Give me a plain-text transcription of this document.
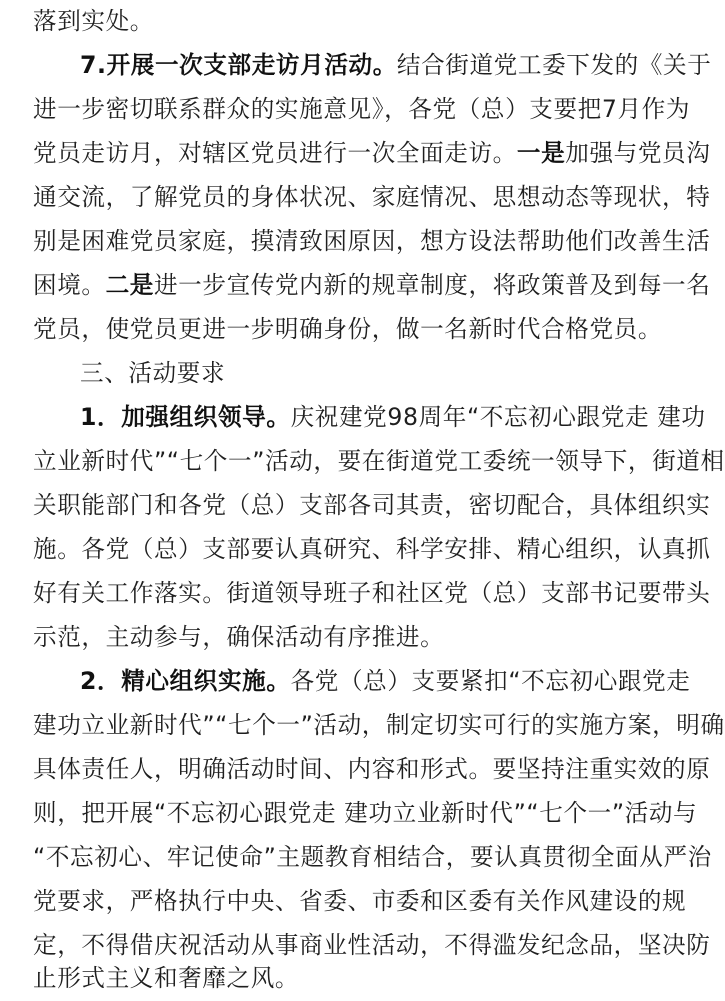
落到实处。
7.开展一次支部走访月活动。结合街道党工委下发的《关于
进一步密切联系群众的实施意见》，各党（总）支要把7月作为
党员走访月，对辖区党员进行一次全面走访。一是加强与党员沟
通交流，了解党员的身体状况、家庭情况、思想动态等现状，特
别是困难党员家庭，摸清致困原因，想方设法帮助他们改善生活
困境。二是进一步宣传党内新的规章制度，将政策普及到每一名
党员，使党员更进一步明确身份，做一名新时代合格党员。
三、活动要求
1．加强组织领导。庆祝建党98周年“不忘初心跟党走 建功
立业新时代”“七个一”活动，要在街道党工委统一领导下，街道相
关职能部门和各党（总）支部各司其责，密切配合，具体组织实
施。各党（总）支部要认真研究、科学安排、精心组织，认真抓
好有关工作落实。街道领导班子和社区党（总）支部书记要带头
示范，主动参与，确保活动有序推进。
2．精心组织实施。各党（总）支要紧扣“不忘初心跟党走
建功立业新时代”“七个一”活动，制定切实可行的实施方案，明确
具体责任人，明确活动时间、内容和形式。要坚持注重实效的原
则，把开展“不忘初心跟党走 建功立业新时代”“七个一”活动与
“不忘初心、牢记使命”主题教育相结合，要认真贯彻全面从严治
党要求，严格执行中央、省委、市委和区委有关作风建设的规
定，不得借庆祝活动从事商业性活动，不得滥发纪念品，坚决防
止形式主义和奢靡之风。
